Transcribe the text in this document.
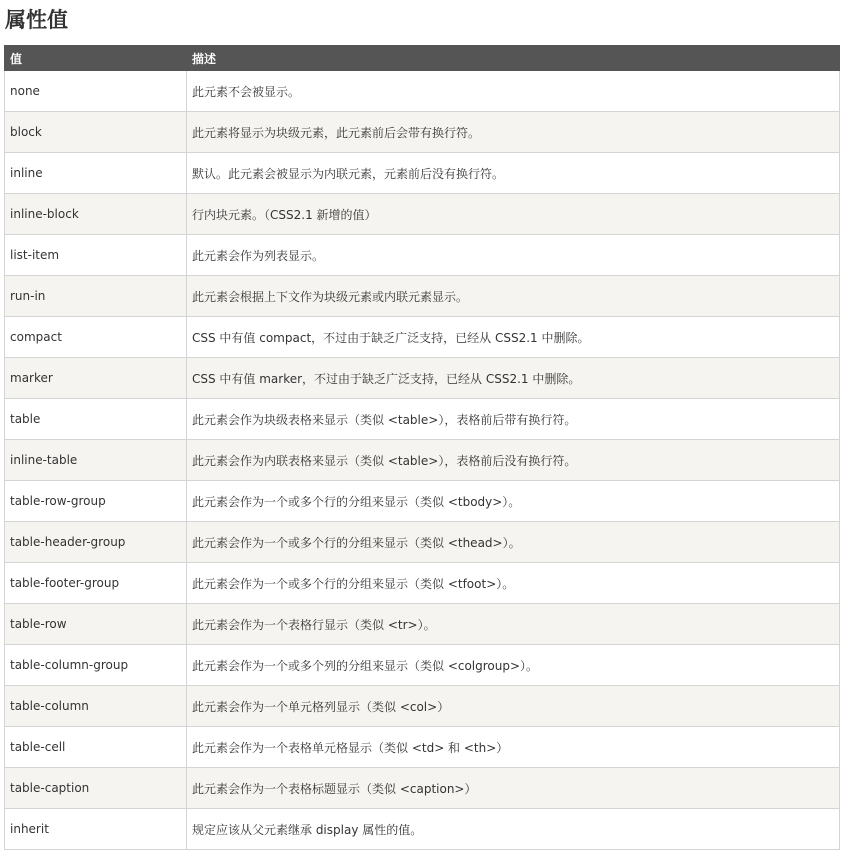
属性值
值	描述
none	此元素不会被显示。
block	此元素将显示为块级元素，此元素前后会带有换行符。
inline	默认。此元素会被显示为内联元素，元素前后没有换行符。
inline-block	行内块元素。（CSS2.1 新增的值）
list-item	此元素会作为列表显示。
run-in	此元素会根据上下文作为块级元素或内联元素显示。
compact	CSS 中有值 compact，不过由于缺乏广泛支持，已经从 CSS2.1 中删除。
marker	CSS 中有值 marker，不过由于缺乏广泛支持，已经从 CSS2.1 中删除。
table	此元素会作为块级表格来显示（类似 <table>），表格前后带有换行符。
inline-table	此元素会作为内联表格来显示（类似 <table>），表格前后没有换行符。
table-row-group	此元素会作为一个或多个行的分组来显示（类似 <tbody>）。
table-header-group	此元素会作为一个或多个行的分组来显示（类似 <thead>）。
table-footer-group	此元素会作为一个或多个行的分组来显示（类似 <tfoot>）。
table-row	此元素会作为一个表格行显示（类似 <tr>）。
table-column-group	此元素会作为一个或多个列的分组来显示（类似 <colgroup>）。
table-column	此元素会作为一个单元格列显示（类似 <col>）
table-cell	此元素会作为一个表格单元格显示（类似 <td> 和 <th>）
table-caption	此元素会作为一个表格标题显示（类似 <caption>）
inherit	规定应该从父元素继承 display 属性的值。
